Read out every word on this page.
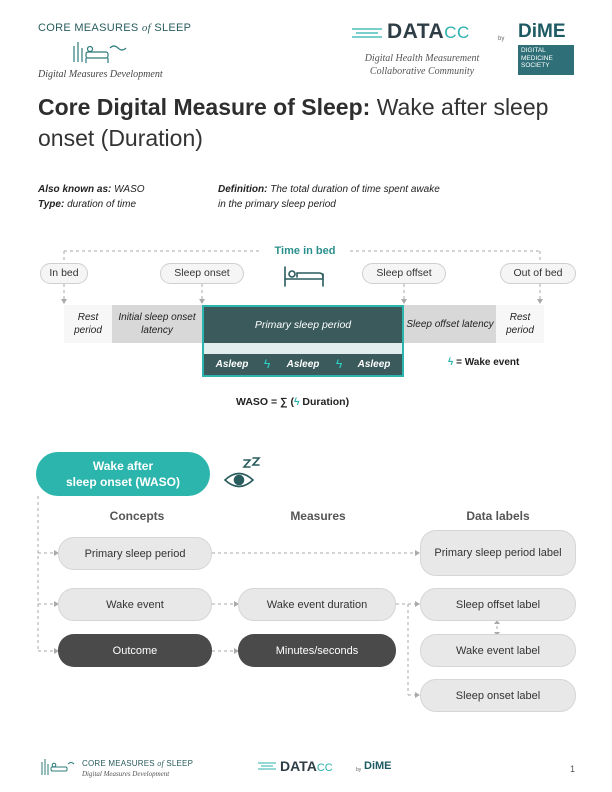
CORE MEASURES of SLEEP
Digital Measures Development
DATACC
Digital Health Measurement Collaborative Community
by DiME
DIGITAL MEDICINE SOCIETY
Core Digital Measure of Sleep: Wake after sleep onset (Duration)
Also known as: WASO
Type: duration of time
Definition: The total duration of time spent awake in the primary sleep period
Time in bed
In bed	Sleep onset	Sleep offset	Out of bed
Rest period
Initial sleep onset latency	Primary sleep period	Sleep offset latency
Rest period
Asleep	ϟ	Asleep	ϟ	Asleep	ϟ = Wake event
WASO = ∑ (ϟ Duration)
Wake after
sleep onset (WASO)
Concepts	Measures	Data labels
Primary sleep period
Wake event
Outcome
Wake event duration
Minutes/seconds
Primary sleep period label
Sleep offset label
Wake event label
Sleep onset label
CORE MEASURES of SLEEP
Digital Measures Development	DATACC	by DiME	1
